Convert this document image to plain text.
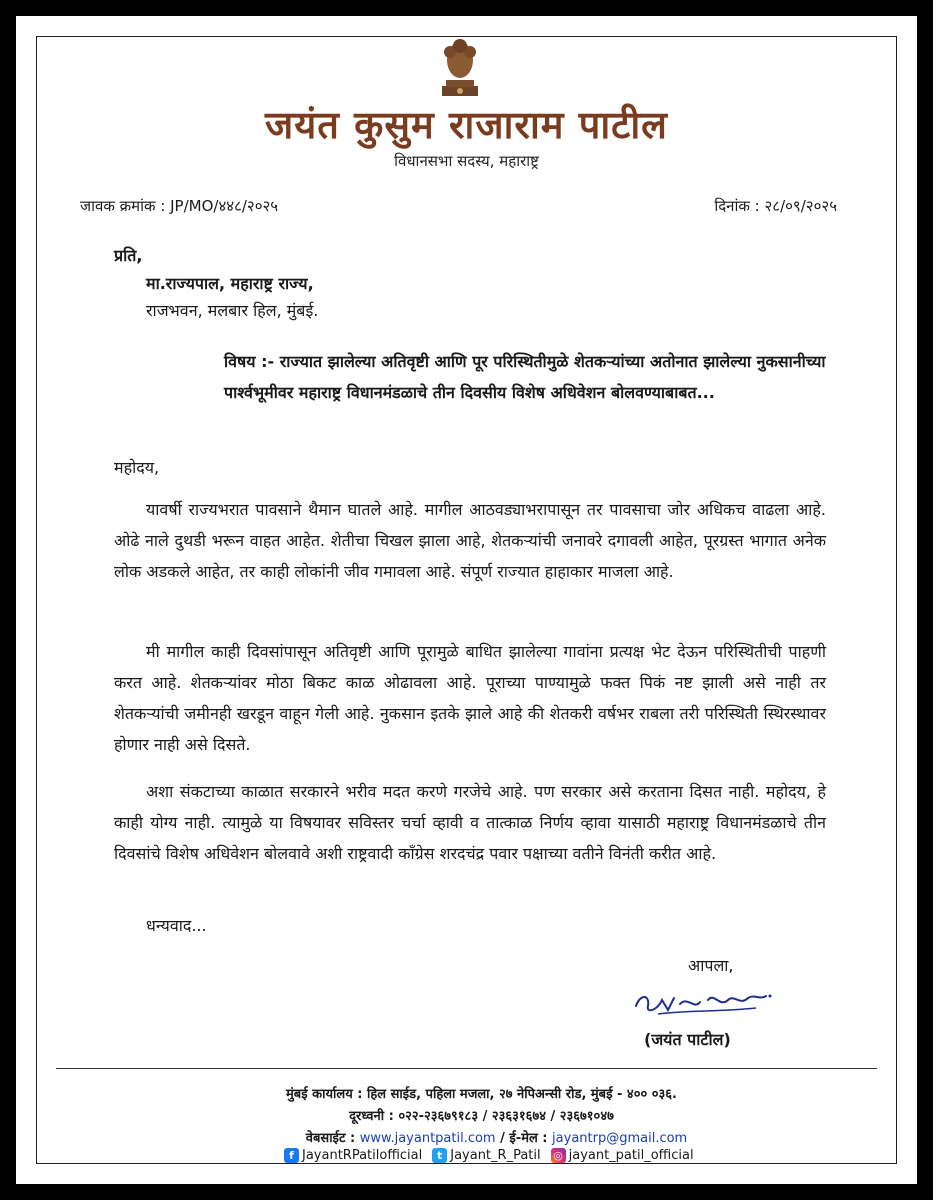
जयंत कुसुम राजाराम पाटील
विधानसभा सदस्य, महाराष्ट्र
जावक क्रमांक : JP/MO/४४८/२०२५	दिनांक : २८/०९/२०२५
प्रति,
मा.राज्यपाल, महाराष्ट्र राज्य,
राजभवन, मलबार हिल, मुंबई.
विषय :- राज्यात झालेल्या अतिवृष्टी आणि पूर परिस्थितीमुळे शेतकऱ्यांच्या अतोनात झालेल्या नुकसानीच्या पार्श्वभूमीवर महाराष्ट्र विधानमंडळाचे तीन दिवसीय विशेष अधिवेशन बोलवण्याबाबत...
महोदय,

यावर्षी राज्यभरात पावसाने थैमान घातले आहे. मागील आठवड्याभरापासून तर पावसाचा जोर अधिकच वाढला आहे. ओढे नाले दुथडी भरून वाहत आहेत. शेतीचा चिखल झाला आहे, शेतकऱ्यांची जनावरे दगावली आहेत, पूरग्रस्त भागात अनेक लोक अडकले आहेत, तर काही लोकांनी जीव गमावला आहे. संपूर्ण राज्यात हाहाकार माजला आहे.

मी मागील काही दिवसांपासून अतिवृष्टी आणि पूरामुळे बाधित झालेल्या गावांना प्रत्यक्ष भेट देऊन परिस्थितीची पाहणी करत आहे. शेतकऱ्यांवर मोठा बिकट काळ ओढावला आहे. पूराच्या पाण्यामुळे फक्त पिकं नष्ट झाली असे नाही तर शेतकऱ्यांची जमीनही खरडून वाहून गेली आहे. नुकसान इतके झाले आहे की शेतकरी वर्षभर राबला तरी परिस्थिती स्थिरस्थावर होणार नाही असे दिसते.

अशा संकटाच्या काळात सरकारने भरीव मदत करणे गरजेचे आहे. पण सरकार असे करताना दिसत नाही. महोदय, हे काही योग्य नाही. त्यामुळे या विषयावर सविस्तर चर्चा व्हावी व तात्काळ निर्णय व्हावा यासाठी महाराष्ट्र विधानमंडळाचे तीन दिवसांचे विशेष अधिवेशन बोलवावे अशी राष्ट्रवादी काँग्रेस शरदचंद्र पवार पक्षाच्या वतीने विनंती करीत आहे.

धन्यवाद...
आपला,
(जयंत पाटील)
मुंबई कार्यालय : हिल साईड, पहिला मजला, २७ नेपिअन्सी रोड, मुंबई - ४०० ०३६.
दूरध्वनी : ०२२-२३६७९१८३ / २३६३१६७४ / २३६७१०४७
वेबसाईट : www.jayantpatil.com / ई-मेल : jayantrp@gmail.com
f JayantRPatilofficial	t Jayant_R_Patil ◎ jayant_patil_official
